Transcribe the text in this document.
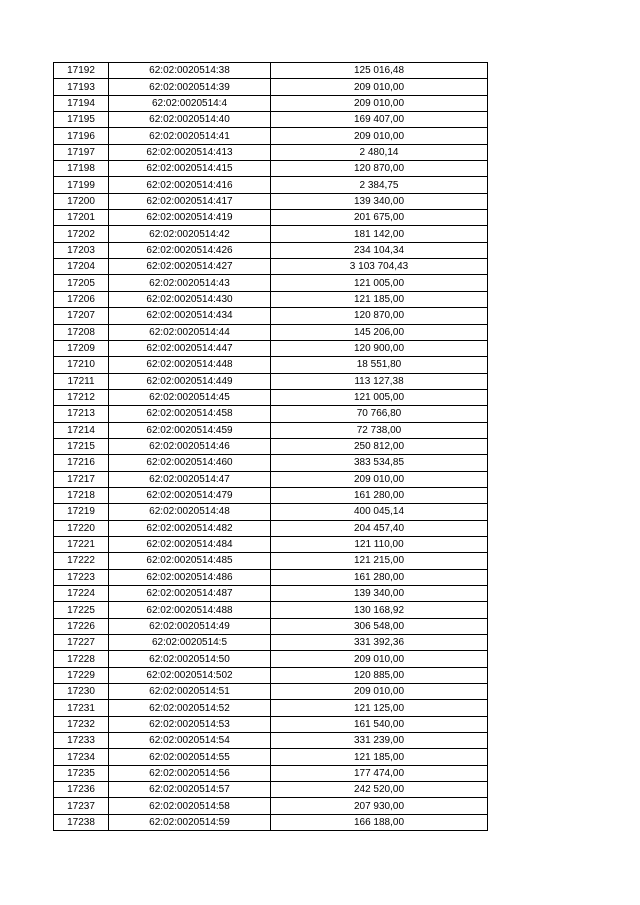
17192	62:02:0020514:38	125 016,48
17193	62:02:0020514:39	209 010,00
17194	62:02:0020514:4	209 010,00
17195	62:02:0020514:40	169 407,00
17196	62:02:0020514:41	209 010,00
17197	62:02:0020514:413	2 480,14
17198	62:02:0020514:415	120 870,00
17199	62:02:0020514:416	2 384,75
17200	62:02:0020514:417	139 340,00
17201	62:02:0020514:419	201 675,00
17202	62:02:0020514:42	181 142,00
17203	62:02:0020514:426	234 104,34
17204	62:02:0020514:427	3 103 704,43
17205	62:02:0020514:43	121 005,00
17206	62:02:0020514:430	121 185,00
17207	62:02:0020514:434	120 870,00
17208	62:02:0020514:44	145 206,00
17209	62:02:0020514:447	120 900,00
17210	62:02:0020514:448	18 551,80
17211	62:02:0020514:449	113 127,38
17212	62:02:0020514:45	121 005,00
17213	62:02:0020514:458	70 766,80
17214	62:02:0020514:459	72 738,00
17215	62:02:0020514:46	250 812,00
17216	62:02:0020514:460	383 534,85
17217	62:02:0020514:47	209 010,00
17218	62:02:0020514:479	161 280,00
17219	62:02:0020514:48	400 045,14
17220	62:02:0020514:482	204 457,40
17221	62:02:0020514:484	121 110,00
17222	62:02:0020514:485	121 215,00
17223	62:02:0020514:486	161 280,00
17224	62:02:0020514:487	139 340,00
17225	62:02:0020514:488	130 168,92
17226	62:02:0020514:49	306 548,00
17227	62:02:0020514:5	331 392,36
17228	62:02:0020514:50	209 010,00
17229	62:02:0020514:502	120 885,00
17230	62:02:0020514:51	209 010,00
17231	62:02:0020514:52	121 125,00
17232	62:02:0020514:53	161 540,00
17233	62:02:0020514:54	331 239,00
17234	62:02:0020514:55	121 185,00
17235	62:02:0020514:56	177 474,00
17236	62:02:0020514:57	242 520,00
17237	62:02:0020514:58	207 930,00
17238	62:02:0020514:59	166 188,00
